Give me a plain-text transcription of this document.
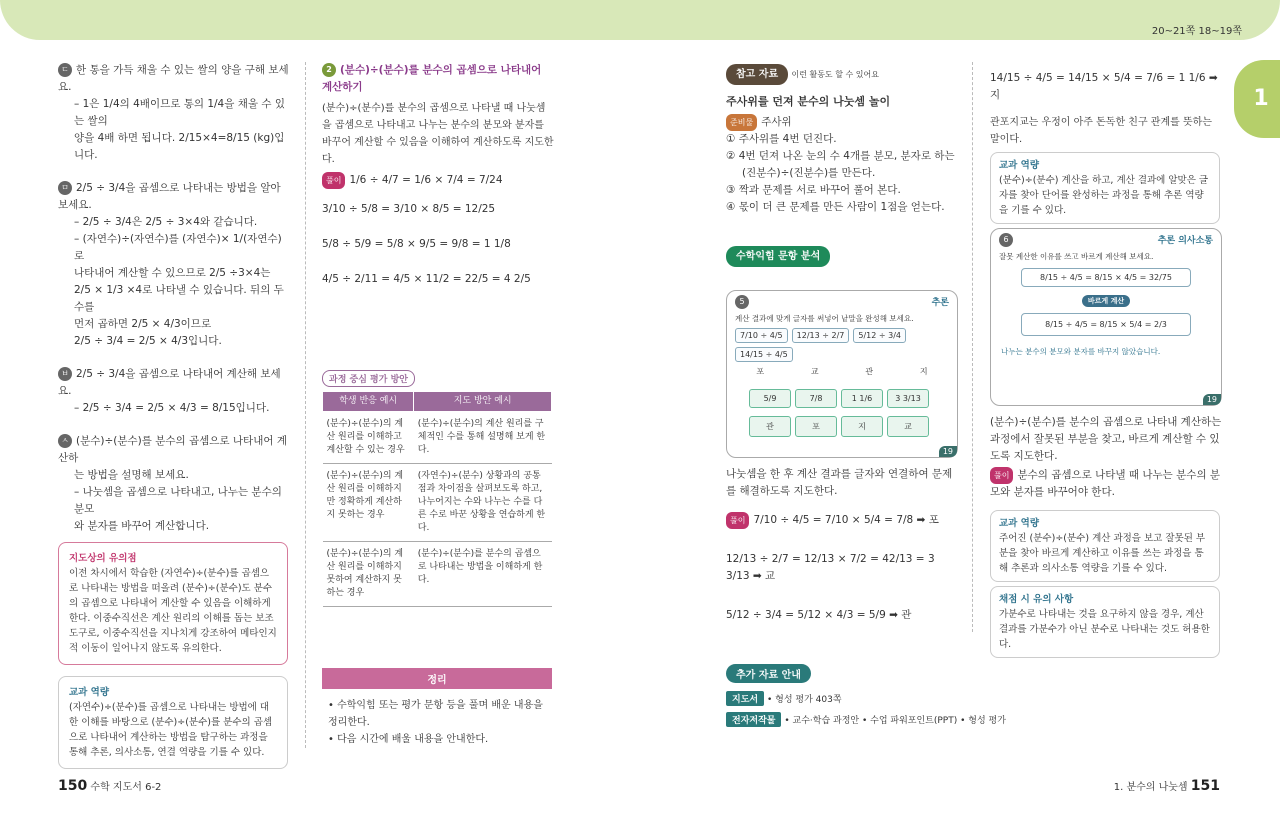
20~21쪽 18~19쪽
1
ㄷ 한 통을 가득 채울 수 있는 쌀의 양을 구해 보세요.
– 1은 1/4의 4배이므로 통의 1/4을 채울 수 있는 쌀의
양을 4배 하면 됩니다. 2/15×4=8/15 (kg)입니다.
ㅁ 2/5 ÷ 3/4을 곱셈으로 나타내는 방법을 알아보세요.
– 2/5 ÷ 3/4은 2/5 ÷ 3×4와 같습니다.
– (자연수)÷(자연수)를 (자연수)× 1/(자연수)로
나타내어 계산할 수 있으므로 2/5 ÷3×4는
2/5 × 1/3 ×4로 나타낼 수 있습니다. 뒤의 두 수를
먼저 곱하면 2/5 × 4/3이므로
2/5 ÷ 3/4 = 2/5 × 4/3입니다.
ㅂ 2/5 ÷ 3/4을 곱셈으로 나타내어 계산해 보세요.
– 2/5 ÷ 3/4 = 2/5 × 4/3 = 8/15입니다.
ㅅ (분수)÷(분수)를 분수의 곱셈으로 나타내어 계산하
는 방법을 설명해 보세요.
– 나눗셈을 곱셈으로 나타내고, 나누는 분수의 분모
와 분자를 바꾸어 계산합니다.
지도상의 유의점
이전 차시에서 학습한 (자연수)÷(분수)를 곱셈으로 나타내는 방법을 떠올려 (분수)÷(분수)도 분수의 곱셈으로 나타내어 계산할 수 있음을 이해하게 한다. 이중수직선은 계산 원리의 이해를 돕는 보조 도구로, 이중수직선을 지나치게 강조하여 메타인지적 이동이 일어나지 않도록 유의한다.
교과 역량
(자연수)÷(분수)를 곱셈으로 나타내는 방법에 대한 이해를 바탕으로 (분수)÷(분수)를 분수의 곱셈으로 나타내어 계산하는 방법을 탐구하는 과정을 통해 추론, 의사소통, 연결 역량을 기를 수 있다.
2 (분수)÷(분수)를 분수의 곱셈으로 나타내어 계산하기
(분수)÷(분수)를 분수의 곱셈으로 나타낼 때 나눗셈을 곱셈으로 나타내고 나누는 분수의 분모와 분자를 바꾸어 계산할 수 있음을 이해하여 계산하도록 지도한다.
풀이 1/6 ÷ 4/7 = 1/6 × 7/4 = 7/24
3/10 ÷ 5/8 = 3/10 × 8/5 = 12/25
5/8 ÷ 5/9 = 5/8 × 9/5 = 9/8 = 1 1/8
4/5 ÷ 2/11 = 4/5 × 11/2 = 22/5 = 4 2/5
과정 중심 평가 방안
학생 반응 예시	지도 방안 예시
(분수)÷(분수)의 계산 원리를 이해하고 계산할 수 있는 경우	(분수)÷(분수)의 계산 원리를 구체적인 수를 통해 설명해 보게 한다.
(분수)÷(분수)의 계산 원리를 이해하지만 정확하게 계산하지 못하는 경우	(자연수)÷(분수) 상황과의 공통점과 차이점을 살펴보도록 하고, 나누어지는 수와 나누는 수를 다른 수로 바꾼 상황을 연습하게 한다.
(분수)÷(분수)의 계산 원리를 이해하지 못하여 계산하지 못하는 경우	(분수)÷(분수)를 분수의 곱셈으로 나타내는 방법을 이해하게 한다.
정리
• 수학익힘 또는 평가 문항 등을 풀며 배운 내용을 정리한다.
• 다음 시간에 배울 내용을 안내한다.
참고 자료 이런 활동도 할 수 있어요
주사위를 던져 분수의 나눗셈 놀이
준비물 주사위
① 주사위를 4번 던진다.
② 4번 던져 나온 눈의 수 4개를 분모, 분자로 하는
(진분수)÷(진분수)를 만든다.
③ 짝과 문제를 서로 바꾸어 풀어 본다.
④ 몫이 더 큰 문제를 만든 사람이 1점을 얻는다.
수학익힘 문항 분석
5	추론
계산 결과에 맞게 글자를 써넣어 낱말을 완성해 보세요.
7/10 ÷ 4/5 12/13 ÷ 2/7 5/12 ÷ 3/414/15 ÷ 4/5
포	교	관	지
5/9	7/8	1 1/6	3 3/13
관	포	지	교
19
나눗셈을 한 후 계산 결과를 글자와 연결하여 문제를 해결하도록 지도한다.
풀이 7/10 ÷ 4/5 = 7/10 × 5/4 = 7/8 ➡ 포
12/13 ÷ 2/7 = 12/13 × 7/2 = 42/13 = 3 3/13 ➡ 교
5/12 ÷ 3/4 = 5/12 × 4/3 = 5/9 ➡ 관
추가 자료 안내
지도서 • 형성 평가 403쪽
전자저작물 • 교수·학습 과정안 • 수업 파워포인트(PPT) • 형성 평가
14/15 ÷ 4/5 = 14/15 × 5/4 = 7/6 = 1 1/6 ➡ 지
관포지교는 우정이 아주 돈독한 친구 관계를 뜻하는 말이다.
교과 역량
(분수)÷(분수) 계산을 하고, 계산 결과에 알맞은 글자를 찾아 단어를 완성하는 과정을 통해 추론 역량을 기를 수 있다.
6	추론 의사소통
잘못 계산한 이유를 쓰고 바르게 계산해 보세요.
8/15 ÷ 4/5 = 8/15 × 4/5 = 32/75
바르게 계산
8/15 ÷ 4/5 = 8/15 × 5/4 = 2/3
나누는 분수의 분모와 분자를 바꾸지 않았습니다.
19
(분수)÷(분수)를 분수의 곱셈으로 나타내 계산하는 과정에서 잘못된 부분을 찾고, 바르게 계산할 수 있도록 지도한다.
풀이 분수의 곱셈으로 나타낼 때 나누는 분수의 분모와 분자를 바꾸어야 한다.
교과 역량
주어진 (분수)÷(분수) 계산 과정을 보고 잘못된 부분을 찾아 바르게 계산하고 이유를 쓰는 과정을 통해 추론과 의사소통 역량을 기를 수 있다.
채점 시 유의 사항
가분수로 나타내는 것을 요구하지 않을 경우, 계산 결과를 가분수가 아닌 분수로 나타내는 것도 허용한다.
150 수학 지도서 6-2	1. 분수의 나눗셈 151
